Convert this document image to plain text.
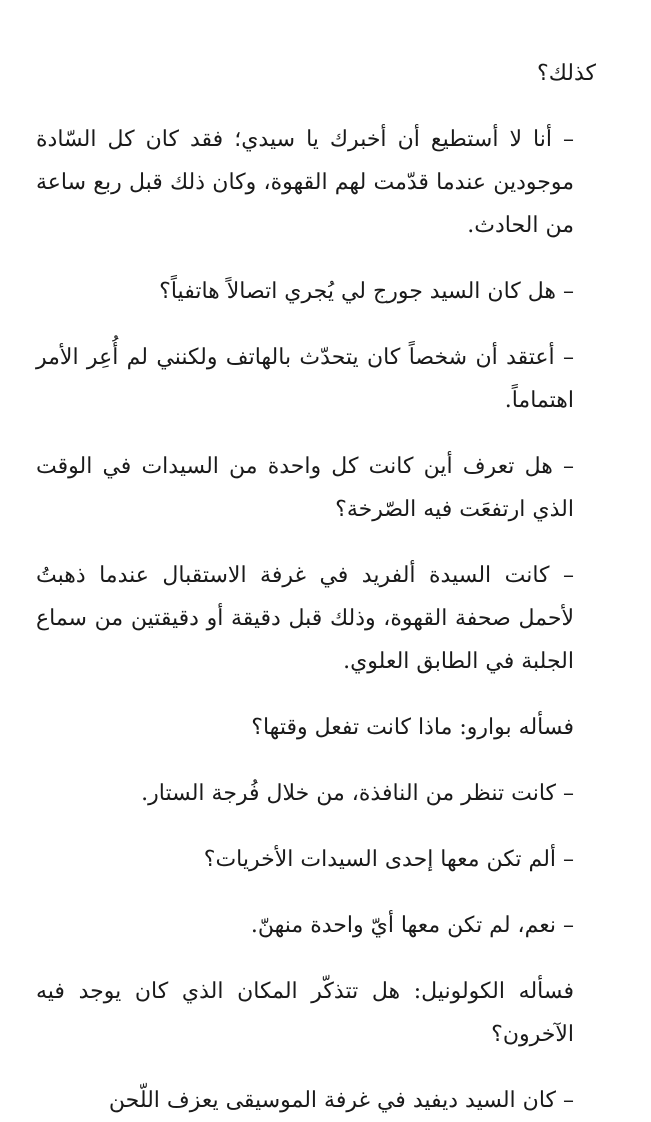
كذلك؟

– أنا لا أستطيع أن أخبرك يا سيدي؛ فقد كان كل السّادة موجودين عندما قدّمت لهم القهوة، وكان ذلك قبل ربع ساعة من الحادث.

– هل كان السيد جورج لي يُجري اتصالاً هاتفياً؟

– أعتقد أن شخصاً كان يتحدّث بالهاتف ولكنني لم أُعِر الأمر اهتماماً.

– هل تعرف أين كانت كل واحدة من السيدات في الوقت الذي ارتفعَت فيه الصّرخة؟

– كانت السيدة ألفريد في غرفة الاستقبال عندما ذهبتُ لأحمل صحفة القهوة، وذلك قبل دقيقة أو دقيقتين من سماع الجلبة في الطابق العلوي.

فسأله بوارو: ماذا كانت تفعل وقتها؟

– كانت تنظر من النافذة، من خلال فُرجة الستار.

– ألم تكن معها إحدى السيدات الأخريات؟

– نعم، لم تكن معها أيّ واحدة منهنّ.

فسأله الكولونيل: هل تتذكّر المكان الذي كان يوجد فيه الآخرون؟

– كان السيد ديفيد في غرفة الموسيقى يعزف اللّحن
